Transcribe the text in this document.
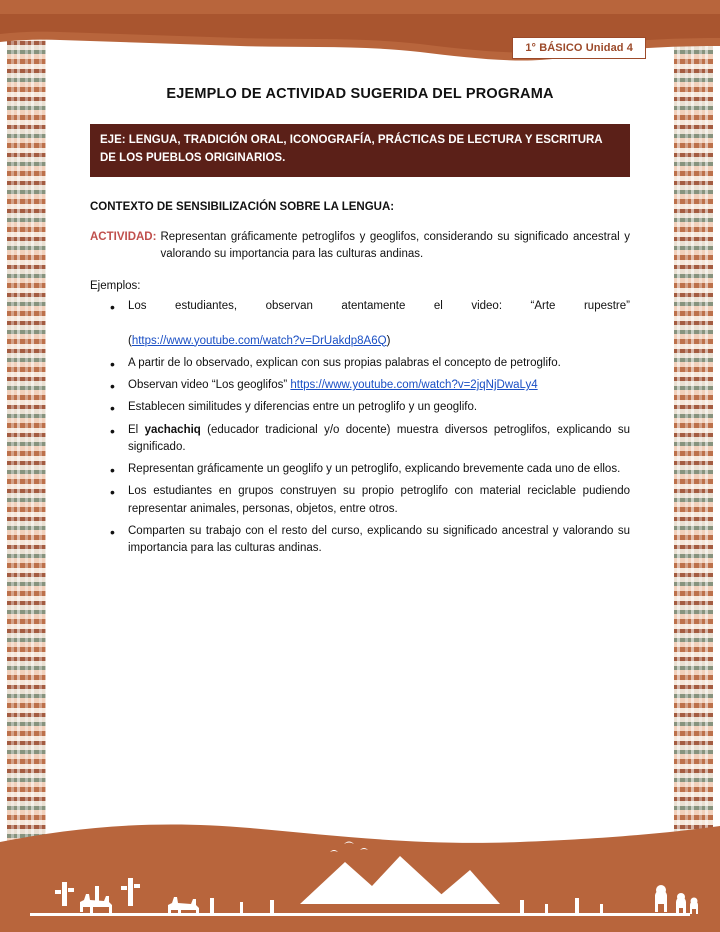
1° BÁSICO Unidad 4
EJEMPLO DE ACTIVIDAD SUGERIDA DEL PROGRAMA
EJE: LENGUA, TRADICIÓN ORAL, ICONOGRAFÍA, PRÁCTICAS DE LECTURA Y ESCRITURA DE LOS PUEBLOS ORIGINARIOS.
CONTEXTO DE SENSIBILIZACIÓN SOBRE LA LENGUA:
ACTIVIDAD: Representan gráficamente petroglifos y geoglifos, considerando su significado ancestral y valorando su importancia para las culturas andinas.
Ejemplos:
• Los estudiantes, observan atentamente el video: “Arte rupestre” (https://www.youtube.com/watch?v=DrUakdp8A6Q)
• A partir de lo observado, explican con sus propias palabras el concepto de petroglifo.
• Observan video “Los geoglifos” https://www.youtube.com/watch?v=2jqNjDwaLy4
• Establecen similitudes y diferencias entre un petroglifo y un geoglifo.
• El yachachiq (educador tradicional y/o docente) muestra diversos petroglifos, explicando su significado.
• Representan gráficamente un geoglifo y un petroglifo, explicando brevemente cada uno de ellos.
• Los estudiantes en grupos construyen su propio petroglifo con material reciclable pudiendo representar animales, personas, objetos, entre otros.
• Comparten su trabajo con el resto del curso, explicando su significado ancestral y valorando su importancia para las culturas andinas.
